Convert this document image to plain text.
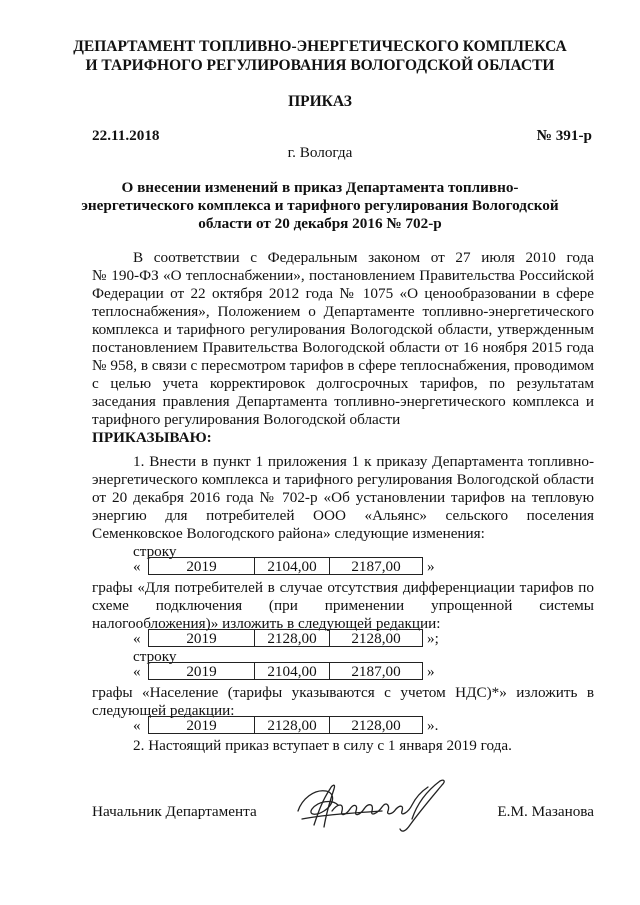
ДЕПАРТАМЕНТ ТОПЛИВНО-ЭНЕРГЕТИЧЕСКОГО КОМПЛЕКСА
И ТАРИФНОГО РЕГУЛИРОВАНИЯ ВОЛОГОДСКОЙ ОБЛАСТИ
ПРИКАЗ
22.11.2018	№ 391-р
г. Вологда
О внесении изменений в приказ Департамента топливно-
энергетического комплекса и тарифного регулирования Вологодской
области от 20 декабря 2016 № 702-р
В соответствии с Федеральным законом от 27 июля 2010 года
№ 190-ФЗ «О теплоснабжении», постановлением Правительства Российской
Федерации от 22 октября 2012 года № 1075 «О ценообразовании в сфере
теплоснабжения», Положением о Департаменте топливно-энергетического
комплекса и тарифного регулирования Вологодской области, утвержденным
постановлением Правительства Вологодской области от 16 ноября 2015 года
№ 958, в связи с пересмотром тарифов в сфере теплоснабжения, проводимом
с целью учета корректировок долгосрочных тарифов, по результатам
заседания правления Департамента топливно-энергетического комплекса и
тарифного регулирования Вологодской области
ПРИКАЗЫВАЮ:
1. Внести в пункт 1 приложения 1 к приказу Департамента топливно-
энергетического комплекса и тарифного регулирования Вологодской области
от 20 декабря 2016 года № 702-р «Об установлении тарифов на тепловую
энергию для потребителей ООО «Альянс» сельского поселения
Семенковское Вологодского района» следующие изменения:
строку
«	2019	2104,00	2187,00	»
графы «Для потребителей в случае отсутствия дифференциации тарифов по
схеме подключения (при применении упрощенной системы
налогообложения)» изложить в следующей редакции:
«	2019	2128,00	2128,00	»;
строку
«	2019	2104,00	2187,00	»
графы «Население (тарифы указываются с учетом НДС)*» изложить в
следующей редакции:
«	2019	2128,00	2128,00	».
2. Настоящий приказ вступает в силу с 1 января 2019 года.
Начальник Департамента	Е.М. Мазанова
